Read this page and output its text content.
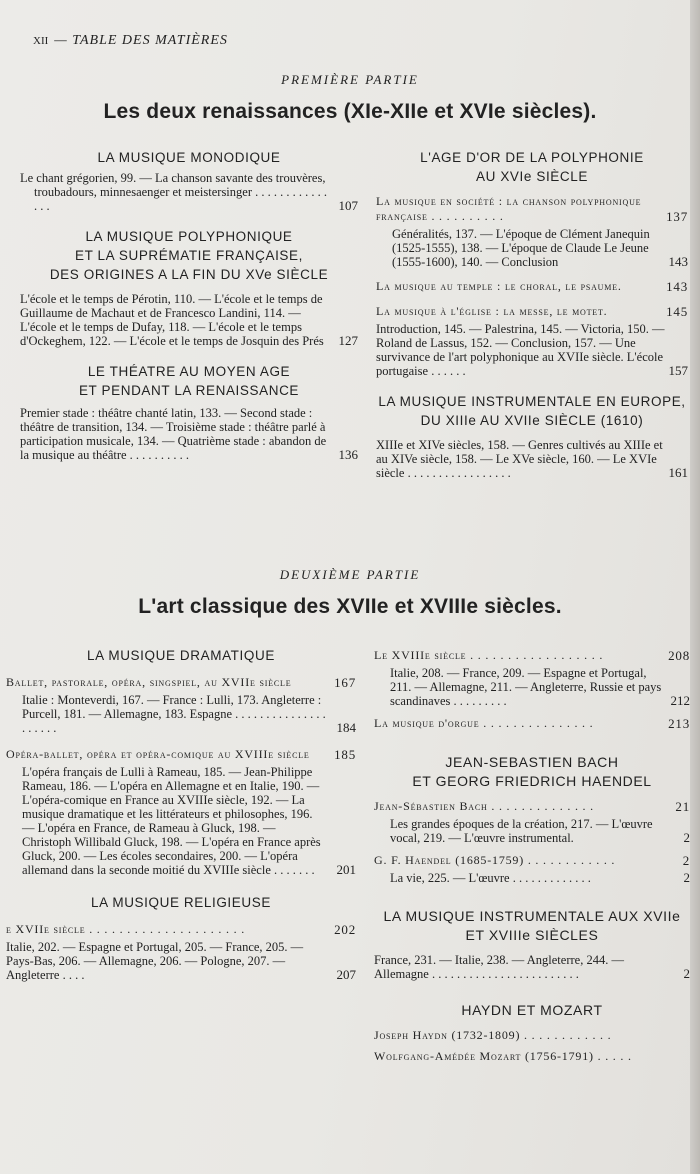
XII — TABLE DES MATIÈRES
PREMIÈRE PARTIE
Les deux renaissances (XIe-XIIe et XVIe siècles).
LA MUSIQUE MONODIQUE
Le chant grégorien, 99. — La chanson savante des trouvères, troubadours, minnesaenger et meistersinger . . . . . . . . . . . . . . .	107
LA MUSIQUE POLYPHONIQUE
ET LA SUPRÉMATIE FRANÇAISE,
DES ORIGINES A LA FIN DU XVe SIÈCLE
L'école et le temps de Pérotin, 110. — L'école et le temps de Guillaume de Machaut et de Francesco Landini, 114. — L'école et le temps de Dufay, 118. — L'école et le temps d'Ockeghem, 122. — L'école et le temps de Josquin des Prés	127
LE THÉATRE AU MOYEN AGE
ET PENDANT LA RENAISSANCE
Premier stade : théâtre chanté latin, 133. — Second stade : théâtre de transition, 134. — Troisième stade : théâtre parlé à participation musicale, 134. — Quatrième stade : abandon de la musique au théâtre . . . . . . . . . .	136
L'AGE D'OR DE LA POLYPHONIE
AU XVIe SIÈCLE
La musique en société : la chanson polyphonique française . . . . . . . . . .	137
Généralités, 137. — L'époque de Clément Janequin (1525-1555), 138. — L'époque de Claude Le Jeune (1555-1600), 140. — Conclusion	143
La musique au temple : le choral, le psaume.	143
La musique à l'église : la messe, le motet.	145
Introduction, 145. — Palestrina, 145. — Victoria, 150. — Roland de Lassus, 152. — Conclusion, 157. — Une survivance de l'art polyphonique au XVIIe siècle. L'école portugaise . . . . . .	157
LA MUSIQUE INSTRUMENTALE EN EUROPE,
DU XIIIe AU XVIIe SIÈCLE (1610)
XIIIe et XIVe siècles, 158. — Genres cultivés au XIIIe et au XIVe siècle, 158. — Le XVe siècle, 160. — Le XVIe siècle . . . . . . . . . . . . . . . . .	161
DEUXIÈME PARTIE
L'art classique des XVIIe et XVIIIe siècles.
LA MUSIQUE DRAMATIQUE
Ballet, pastorale, opéra, singspiel, au XVIIe siècle	167
Italie : Monteverdi, 167. — France : Lulli, 173. Angleterre : Purcell, 181. — Allemagne, 183. Espagne . . . . . . . . . . . . . . . . . . . . .	184
Opéra-ballet, opéra et opéra-comique au XVIIIe siècle 185
L'opéra français de Lulli à Rameau, 185. — Jean-Philippe Rameau, 186. — L'opéra en Allemagne et en Italie, 190. — L'opéra-comique en France au XVIIIe siècle, 192. — La musique dramatique et les littérateurs et philosophes, 196. — L'opéra en France, de Rameau à Gluck, 198. — Christoph Willibald Gluck, 198. — L'opéra en France après Gluck, 200. — Les écoles secondaires, 200. — L'opéra allemand dans la seconde moitié du XVIIIe siècle . . . . . . .	201
LA MUSIQUE RELIGIEUSE
e XVIIe siècle . . . . . . . . . . . . . . . . . . . . .	202
Italie, 202. — Espagne et Portugal, 205. — France, 205. — Pays-Bas, 206. — Allemagne, 206. — Pologne, 207. — Angleterre . . . .	207
Le XVIIIe siècle . . . . . . . . . . . . . . . . . .	208
Italie, 208. — France, 209. — Espagne et Portugal, 211. — Allemagne, 211. — Angleterre, Russie et pays scandinaves . . . . . . . . .	212
La musique d'orgue . . . . . . . . . . . . . . .	213
JEAN-SEBASTIEN BACH
ET GEORG FRIEDRICH HAENDEL
Jean-Sébastien Bach . . . . . . . . . . . . . .	21
Les grandes époques de la création, 217. — L'œuvre vocal, 219. — L'œuvre instrumental.	2
G. F. Haendel (1685-1759) . . . . . . . . . . . .	2
La vie, 225. — L'œuvre . . . . . . . . . . . . .	2
LA MUSIQUE INSTRUMENTALE AUX XVIIe
ET XVIIIe SIÈCLES
France, 231. — Italie, 238. — Angleterre, 244. — Allemagne . . . . . . . . . . . . . . . . . . . . . . . .	2
HAYDN ET MOZART
Joseph Haydn (1732-1809) . . . . . . . . . . . .
Wolfgang-Amédée Mozart (1756-1791) . . . . .
